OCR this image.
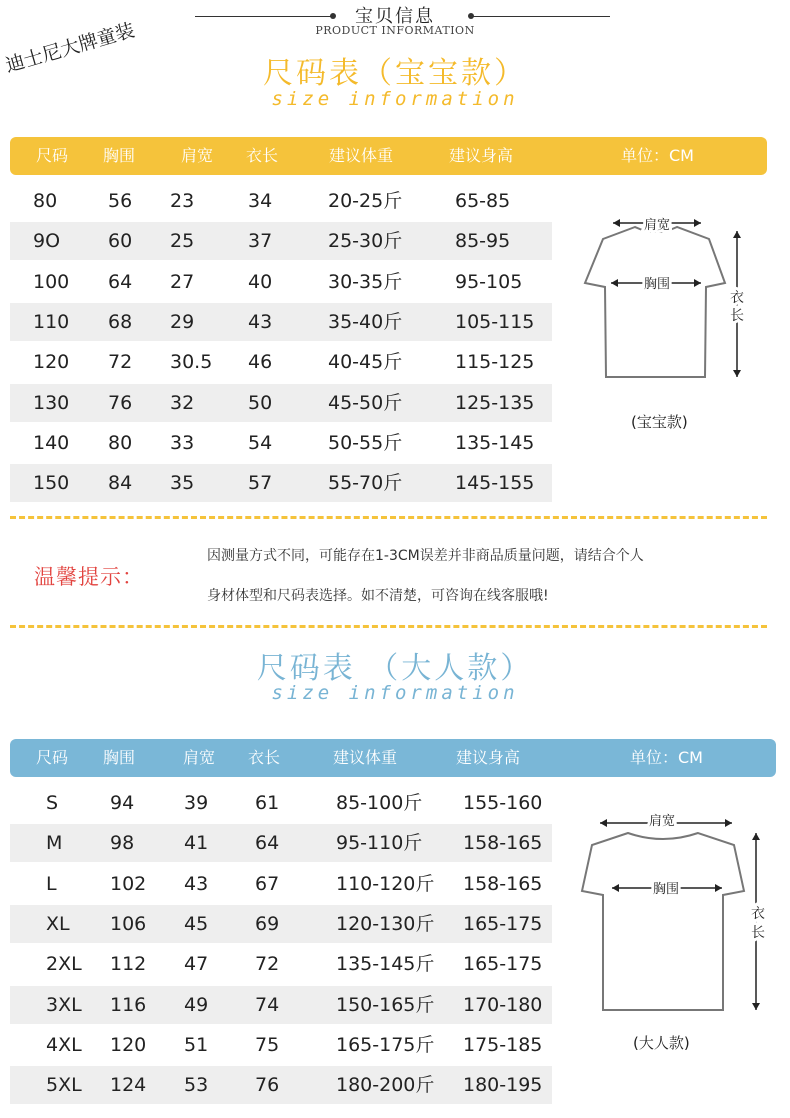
宝贝信息
PRODUCT INFORMATION
迪士尼大牌童装	尺码表（宝宝款）
size information
尺码 胸围	肩宽 衣长	建议体重	建议身高	单位：CM
80	56 23	34	20-25斤	65-85
9O	60 25	37	25-30斤	85-95
100 64 27	40	30-35斤	95-105
110 68 29	43	35-40斤	105-115
120 72 30.5 46	40-45斤	115-125
130 76 32	50	45-50斤	125-135
140 80 33	54	50-55斤	135-145
150 84 35	57	55-70斤	145-155
肩宽
胸围
衣
长
(宝宝款)
温馨提示：
因测量方式不同，可能存在1-3CM误差并非商品质量问题，请结合个人
身材体型和尺码表选择。如不清楚，可咨询在线客服哦!
尺码表 （大人款）
size information
尺码 胸围	肩宽 衣长	建议体重	建议身高	单位：CM
S	94	39 61	85-100斤 155-160
M	98	41 64	95-110斤 158-165
L	102 43 67	110-120斤 158-165
XL 106 45 69	120-130斤 165-175
2XL 112 47 72	135-145斤 165-175
3XL 116 49 74	150-165斤 170-180
4XL 120 51 75	165-175斤 175-185
5XL 124 53 76	180-200斤 180-195
肩宽
胸围
衣
长
(大人款)
